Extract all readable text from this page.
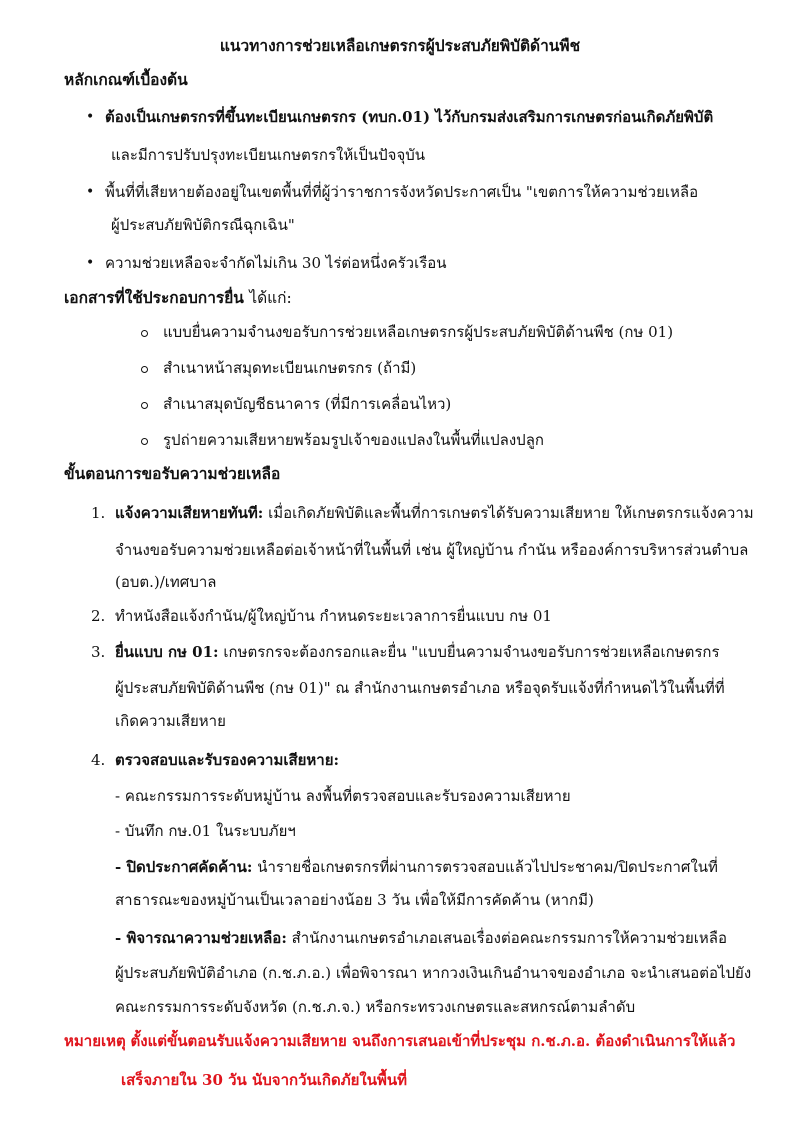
แนวทางการช่วยเหลือเกษตรกรผู้ประสบภัยพิบัติด้านพืช
หลักเกณฑ์เบื้องต้น
• ต้องเป็นเกษตรกรที่ขึ้นทะเบียนเกษตรกร (ทบก.01) ไว้กับกรมส่งเสริมการเกษตรก่อนเกิดภัยพิบัติ
และมีการปรับปรุงทะเบียนเกษตรกรให้เป็นปัจจุบัน
• พื้นที่ที่เสียหายต้องอยู่ในเขตพื้นที่ที่ผู้ว่าราชการจังหวัดประกาศเป็น "เขตการให้ความช่วยเหลือ
ผู้ประสบภัยพิบัติกรณีฉุกเฉิน"
• ความช่วยเหลือจะจำกัดไม่เกิน 30 ไร่ต่อหนึ่งครัวเรือน
เอกสารที่ใช้ประกอบการยื่น ได้แก่:
แบบยื่นความจำนงขอรับการช่วยเหลือเกษตรกรผู้ประสบภัยพิบัติด้านพืช (กษ 01)
สำเนาหน้าสมุดทะเบียนเกษตรกร (ถ้ามี)
สำเนาสมุดบัญชีธนาคาร (ที่มีการเคลื่อนไหว)
รูปถ่ายความเสียหายพร้อมรูปเจ้าของแปลงในพื้นที่แปลงปลูก
ขั้นตอนการขอรับความช่วยเหลือ
1. แจ้งความเสียหายทันที: เมื่อเกิดภัยพิบัติและพื้นที่การเกษตรได้รับความเสียหาย ให้เกษตรกรแจ้งความ
จำนงขอรับความช่วยเหลือต่อเจ้าหน้าที่ในพื้นที่ เช่น ผู้ใหญ่บ้าน กำนัน หรือองค์การบริหารส่วนตำบล
(อบต.)/เทศบาล
2. ทำหนังสือแจ้งกำนัน/ผู้ใหญ่บ้าน กำหนดระยะเวลาการยื่นแบบ กษ 01
3. ยื่นแบบ กษ 01: เกษตรกรจะต้องกรอกและยื่น "แบบยื่นความจำนงขอรับการช่วยเหลือเกษตรกร
ผู้ประสบภัยพิบัติด้านพืช (กษ 01)" ณ สำนักงานเกษตรอำเภอ หรือจุดรับแจ้งที่กำหนดไว้ในพื้นที่ที่
เกิดความเสียหาย
4. ตรวจสอบและรับรองความเสียหาย:
- คณะกรรมการระดับหมู่บ้าน ลงพื้นที่ตรวจสอบและรับรองความเสียหาย
- บันทึก กษ.01 ในระบบภัยฯ
- ปิดประกาศคัดค้าน: นำรายชื่อเกษตรกรที่ผ่านการตรวจสอบแล้วไปประชาคม/ปิดประกาศในที่
สาธารณะของหมู่บ้านเป็นเวลาอย่างน้อย 3 วัน เพื่อให้มีการคัดค้าน (หากมี)
- พิจารณาความช่วยเหลือ: สำนักงานเกษตรอำเภอเสนอเรื่องต่อคณะกรรมการให้ความช่วยเหลือ
ผู้ประสบภัยพิบัติอำเภอ (ก.ช.ภ.อ.) เพื่อพิจารณา หากวงเงินเกินอำนาจของอำเภอ จะนำเสนอต่อไปยัง
คณะกรรมการระดับจังหวัด (ก.ช.ภ.จ.) หรือกระทรวงเกษตรและสหกรณ์ตามลำดับ
หมายเหตุ ตั้งแต่ขั้นตอนรับแจ้งความเสียหาย จนถึงการเสนอเข้าที่ประชุม ก.ช.ภ.อ. ต้องดำเนินการให้แล้ว
เสร็จภายใน 30 วัน นับจากวันเกิดภัยในพื้นที่
